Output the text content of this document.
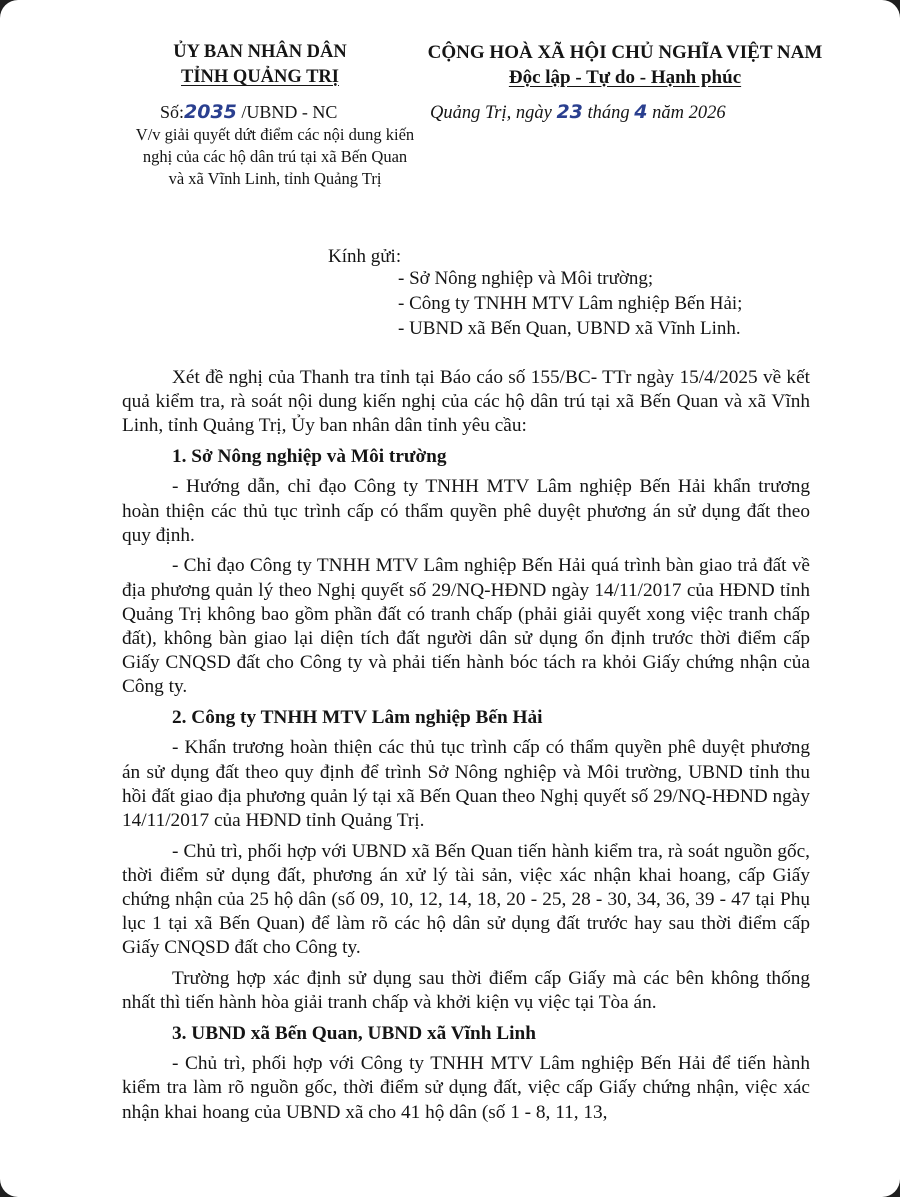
ỦY BAN NHÂN DÂN
TỈNH QUẢNG TRỊ
CỘNG HOÀ XÃ HỘI CHỦ NGHĨA VIỆT NAM
Độc lập - Tự do - Hạnh phúc
Số:2035 /UBND - NC
V/v giải quyết dứt điểm các nội dung kiến nghị của các hộ dân trú tại xã Bến Quan và xã Vĩnh Linh, tỉnh Quảng Trị
Quảng Trị, ngày 23 tháng 4 năm 2026
Kính gửi:
- Sở Nông nghiệp và Môi trường;
- Công ty TNHH MTV Lâm nghiệp Bến Hải;
- UBND xã Bến Quan, UBND xã Vĩnh Linh.

Xét đề nghị của Thanh tra tỉnh tại Báo cáo số 155/BC- TTr ngày 15/4/2025 về kết quả kiểm tra, rà soát nội dung kiến nghị của các hộ dân trú tại xã Bến Quan và xã Vĩnh Linh, tỉnh Quảng Trị, Ủy ban nhân dân tỉnh yêu cầu:

1. Sở Nông nghiệp và Môi trường

- Hướng dẫn, chỉ đạo Công ty TNHH MTV Lâm nghiệp Bến Hải khẩn trương hoàn thiện các thủ tục trình cấp có thẩm quyền phê duyệt phương án sử dụng đất theo quy định.

- Chỉ đạo Công ty TNHH MTV Lâm nghiệp Bến Hải quá trình bàn giao trả đất về địa phương quản lý theo Nghị quyết số 29/NQ-HĐND ngày 14/11/2017 của HĐND tỉnh Quảng Trị không bao gồm phần đất có tranh chấp (phải giải quyết xong việc tranh chấp đất), không bàn giao lại diện tích đất người dân sử dụng ổn định trước thời điểm cấp Giấy CNQSD đất cho Công ty và phải tiến hành bóc tách ra khỏi Giấy chứng nhận của Công ty.

2. Công ty TNHH MTV Lâm nghiệp Bến Hải

- Khẩn trương hoàn thiện các thủ tục trình cấp có thẩm quyền phê duyệt phương án sử dụng đất theo quy định để trình Sở Nông nghiệp và Môi trường, UBND tỉnh thu hồi đất giao địa phương quản lý tại xã Bến Quan theo Nghị quyết số 29/NQ-HĐND ngày 14/11/2017 của HĐND tỉnh Quảng Trị.

- Chủ trì, phối hợp với UBND xã Bến Quan tiến hành kiểm tra, rà soát nguồn gốc, thời điểm sử dụng đất, phương án xử lý tài sản, việc xác nhận khai hoang, cấp Giấy chứng nhận của 25 hộ dân (số 09, 10, 12, 14, 18, 20 - 25, 28 - 30, 34, 36, 39 - 47 tại Phụ lục 1 tại xã Bến Quan) để làm rõ các hộ dân sử dụng đất trước hay sau thời điểm cấp Giấy CNQSD đất cho Công ty.

Trường hợp xác định sử dụng sau thời điểm cấp Giấy mà các bên không thống nhất thì tiến hành hòa giải tranh chấp và khởi kiện vụ việc tại Tòa án.

3. UBND xã Bến Quan, UBND xã Vĩnh Linh

- Chủ trì, phối hợp với Công ty TNHH MTV Lâm nghiệp Bến Hải để tiến hành kiểm tra làm rõ nguồn gốc, thời điểm sử dụng đất, việc cấp Giấy chứng nhận, việc xác nhận khai hoang của UBND xã cho 41 hộ dân (số 1 - 8, 11, 13,
